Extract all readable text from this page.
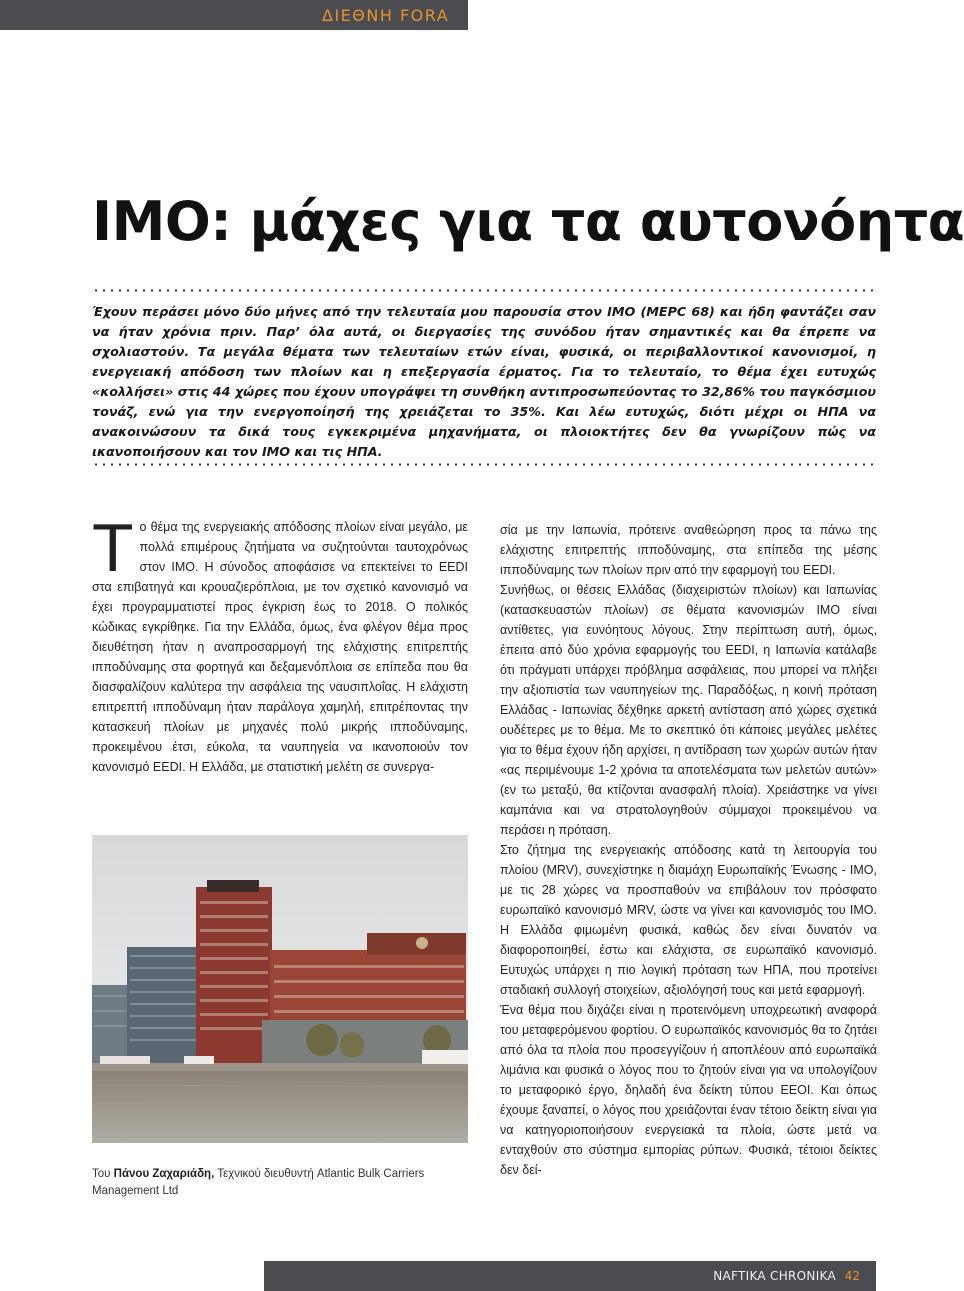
ΔΙΕΘΝΗ FORA
IMO: μάχες για τα αυτονόητα

Έχουν περάσει μόνο δύο μήνες από την τελευταία μου παρουσία στον IMO (MEPC 68) και ήδη φαντάζει σαν να ήταν χρόνια πριν. Παρ’ όλα αυτά, οι διεργασίες της συνόδου ήταν σημαντικές και θα έπρεπε να σχολιαστούν. Τα μεγάλα θέματα των τελευταίων ετών είναι, φυσικά, οι περιβαλλοντικοί κανονισμοί, η ενεργειακή απόδοση των πλοίων και η επεξεργασία έρματος. Για το τελευταίο, το θέμα έχει ευτυχώς «κολλήσει» στις 44 χώρες που έχουν υπογράψει τη συνθήκη αντιπροσωπεύοντας το 32,86% του παγκόσμιου τονάζ, ενώ για την ενεργοποίησή της χρειάζεται το 35%. Και λέω ευτυχώς, διότι μέχρι οι ΗΠΑ να ανακοινώσουν τα δικά τους εγκεκριμένα μηχανήματα, οι πλοιοκτήτες δεν θα γνωρίζουν πώς να ικανοποιήσουν και τον IMO και τις ΗΠΑ.

Το θέμα της ενεργειακής απόδοσης πλοίων είναι μεγάλο, με πολλά επιμέρους ζητήματα να συζητούνται ταυτοχρόνως στον IMO. Η σύνοδος αποφάσισε να επεκτείνει το EEDI στα επιβατηγά και κρουαζιερόπλοια, με τον σχετικό κανονισμό να έχει προγραμματιστεί προς έγκριση έως το 2018. Ο πολικός κώδικας εγκρίθηκε. Για την Ελλάδα, όμως, ένα φλέγον θέμα προς διευθέτηση ήταν η αναπροσαρμογή της ελάχιστης επιτρεπτής ιπποδύναμης στα φορτηγά και δεξαμενόπλοια σε επίπεδα που θα διασφαλίζουν καλύτερα την ασφάλεια της ναυσιπλοΐας. Η ελάχιστη επιτρεπτή ιπποδύναμη ήταν παράλογα χαμηλή, επιτρέποντας την κατασκευή πλοίων με μηχανές πολύ μικρής ιπποδύναμης, προκειμένου έτσι, εύκολα, τα ναυπηγεία να ικανοποιούν τον κανονισμό EEDI. Η Ελλάδα, με στατιστική μελέτη σε συνεργα-

Του Πάνου Ζαχαριάδη, Τεχνικού διευθυντή Atlantic Bulk Carriers Management Ltd

σία με την Ιαπωνία, πρότεινε αναθεώρηση προς τα πάνω της ελάχιστης επιτρεπτής ιπποδύναμης, στα επίπεδα της μέσης ιπποδύναμης των πλοίων πριν από την εφαρμογή του EEDI.

Συνήθως, οι θέσεις Ελλάδας (διαχειριστών πλοίων) και Ιαπωνίας (κατασκευαστών πλοίων) σε θέματα κανονισμών IMO είναι αντίθετες, για ευνόητους λόγους. Στην περίπτωση αυτή, όμως, έπειτα από δύο χρόνια εφαρμογής του EEDI, η Ιαπωνία κατάλαβε ότι πράγματι υπάρχει πρόβλημα ασφάλειας, που μπορεί να πλήξει την αξιοπιστία των ναυπηγείων της. Παραδόξως, η κοινή πρόταση Ελλάδας - Ιαπωνίας δέχθηκε αρκετή αντίσταση από χώρες σχετικά ουδέτερες με το θέμα. Με το σκεπτικό ότι κάποιες μεγάλες μελέτες για το θέμα έχουν ήδη αρχίσει, η αντίδραση των χωρών αυτών ήταν «ας περιμένουμε 1-2 χρόνια τα αποτελέσματα των μελετών αυτών» (εν τω μεταξύ, θα κτίζονται ανασφαλή πλοία). Χρειάστηκε να γίνει καμπάνια και να στρατολογηθούν σύμμαχοι προκειμένου να περάσει η πρόταση.

Στο ζήτημα της ενεργειακής απόδοσης κατά τη λειτουργία του πλοίου (MRV), συνεχίστηκε η διαμάχη Ευρωπαϊκής Ένωσης - IMO, με τις 28 χώρες να προσπαθούν να επιβάλουν τον πρόσφατο ευρωπαϊκό κανονισμό MRV, ώστε να γίνει και κανονισμός του IMO. Η Ελλάδα φιμωμένη φυσικά, καθώς δεν είναι δυνατόν να διαφοροποιηθεί, έστω και ελάχιστα, σε ευρωπαϊκό κανονισμό. Ευτυχώς υπάρχει η πιο λογική πρόταση των ΗΠΑ, που προτείνει σταδιακή συλλογή στοιχείων, αξιολόγησή τους και μετά εφαρμογή.

Ένα θέμα που διχάζει είναι η προτεινόμενη υποχρεωτική αναφορά του μεταφερόμενου φορτίου. Ο ευρωπαϊκός κανονισμός θα το ζητάει από όλα τα πλοία που προσεγγίζουν ή αποπλέουν από ευρωπαϊκά λιμάνια και φυσικά ο λόγος που το ζητούν είναι για να υπολογίζουν το μεταφορικό έργο, δηλαδή ένα δείκτη τύπου EEOI. Και όπως έχουμε ξαναπεί, ο λόγος που χρειάζονται έναν τέτοιο δείκτη είναι για να κατηγοριοποιήσουν ενεργειακά τα πλοία, ώστε μετά να ενταχθούν στο σύστημα εμπορίας ρύπων. Φυσικά, τέτοιοι δείκτες δεν δεί-

NAFTIKA CHRONIKA 42
